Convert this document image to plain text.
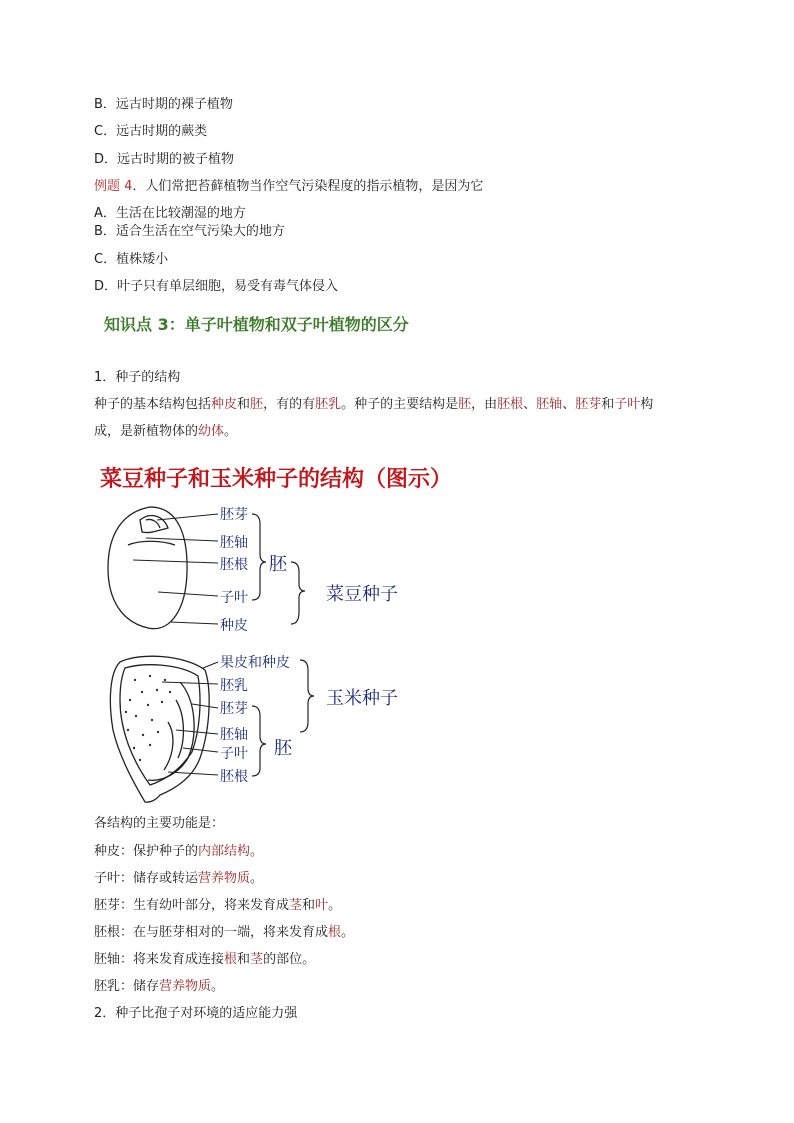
B．远古时期的裸子植物
C．远古时期的蕨类
D．远古时期的被子植物
例题 4．人们常把苔藓植物当作空气污染程度的指示植物，是因为它
A．生活在比较潮湿的地方
B．适合生活在空气污染大的地方
C．植株矮小
D．叶子只有单层细胞，易受有毒气体侵入
知识点 3：单子叶植物和双子叶植物的区分
1．种子的结构
种子的基本结构包括种皮和胚，有的有胚乳。种子的主要结构是胚，由胚根、胚轴、胚芽和子叶构
成，是新植物体的幼体。
菜豆种子和玉米种子的结构（图示）
胚芽
胚轴
胚根
子叶
种皮
胚
菜豆种子
果皮和种皮
胚乳
胚芽
胚轴
子叶
胚根
胚
玉米种子
各结构的主要功能是：
种皮：保护种子的内部结构。
子叶：储存或转运营养物质。
胚芽：生有幼叶部分，将来发育成茎和叶。
胚根：在与胚芽相对的一端，将来发育成根。
胚轴：将来发育成连接根和茎的部位。
胚乳：储存营养物质。
2．种子比孢子对环境的适应能力强
